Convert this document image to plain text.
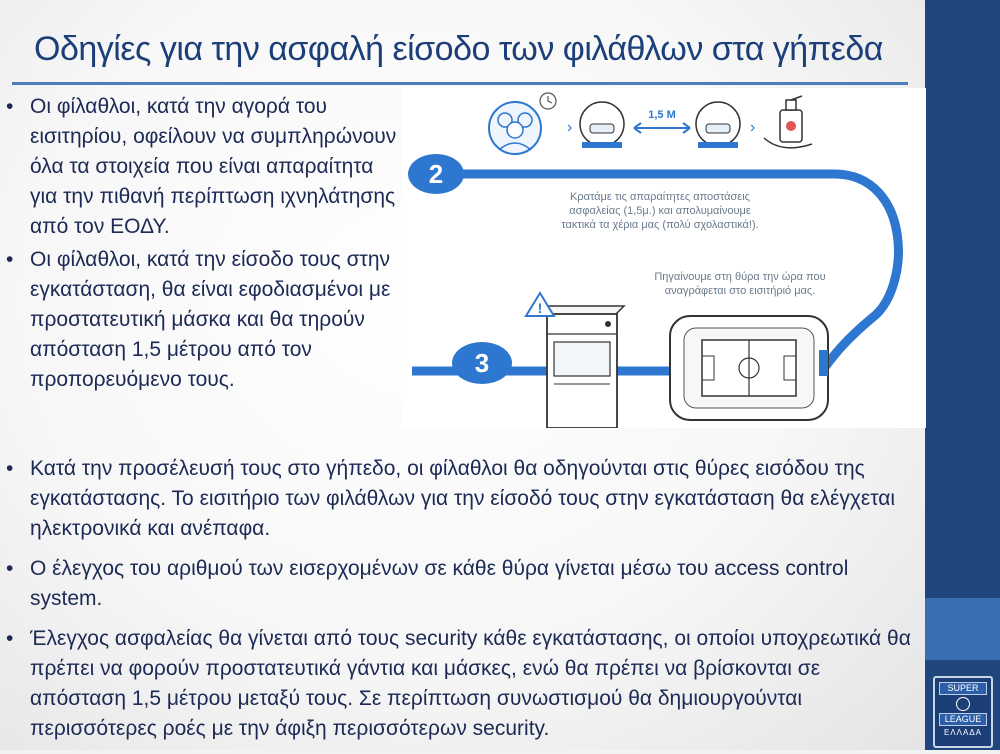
Οδηγίες για την ασφαλή είσοδο των φιλάθλων στα γήπεδα
• Οι φίλαθλοι, κατά την αγορά του εισιτηρίου, οφείλουν να συμπληρώνουν όλα τα στοιχεία που είναι απαραίτητα για την πιθανή περίπτωση ιχνηλάτησης από τον ΕΟΔΥ.
• Οι φίλαθλοι, κατά την είσοδο τους στην εγκατάσταση, θα είναι εφοδιασμένοι με προστατευτική μάσκα και θα τηρούν απόσταση 1,5 μέτρου από τον προπορευόμενο τους.
2
3
›
1,5 M
›
Κρατάμε τις απαραίτητες αποστάσεις
ασφαλείας (1,5μ.) και απολυμαίνουμε
τακτικά τα χέρια μας (πολύ σχολαστικά!).
Πηγαίνουμε στη θύρα την ώρα που
αναγράφεται στο εισιτήριό μας.
!
• Κατά την προσέλευσή τους στο γήπεδο, οι φίλαθλοι θα οδηγούνται στις θύρες εισόδου της εγκατάστασης. Το εισιτήριο των φιλάθλων για την είσοδό τους στην εγκατάσταση θα ελέγχεται ηλεκτρονικά και ανέπαφα.
• Ο έλεγχος του αριθμού των εισερχομένων σε κάθε θύρα γίνεται μέσω του access control system.
• Έλεγχος ασφαλείας θα γίνεται από τους security κάθε εγκατάστασης, οι οποίοι υποχρεωτικά θα πρέπει να φορούν προστατευτικά γάντια και μάσκες, ενώ θα πρέπει να βρίσκονται σε απόσταση 1,5 μέτρου μεταξύ τους. Σε περίπτωση συνωστισμού θα δημιουργούνται περισσότερες ροές με την άφιξη περισσότερων security.
SUPER
LEAGUE
ΕΛΛΑΔΑ
